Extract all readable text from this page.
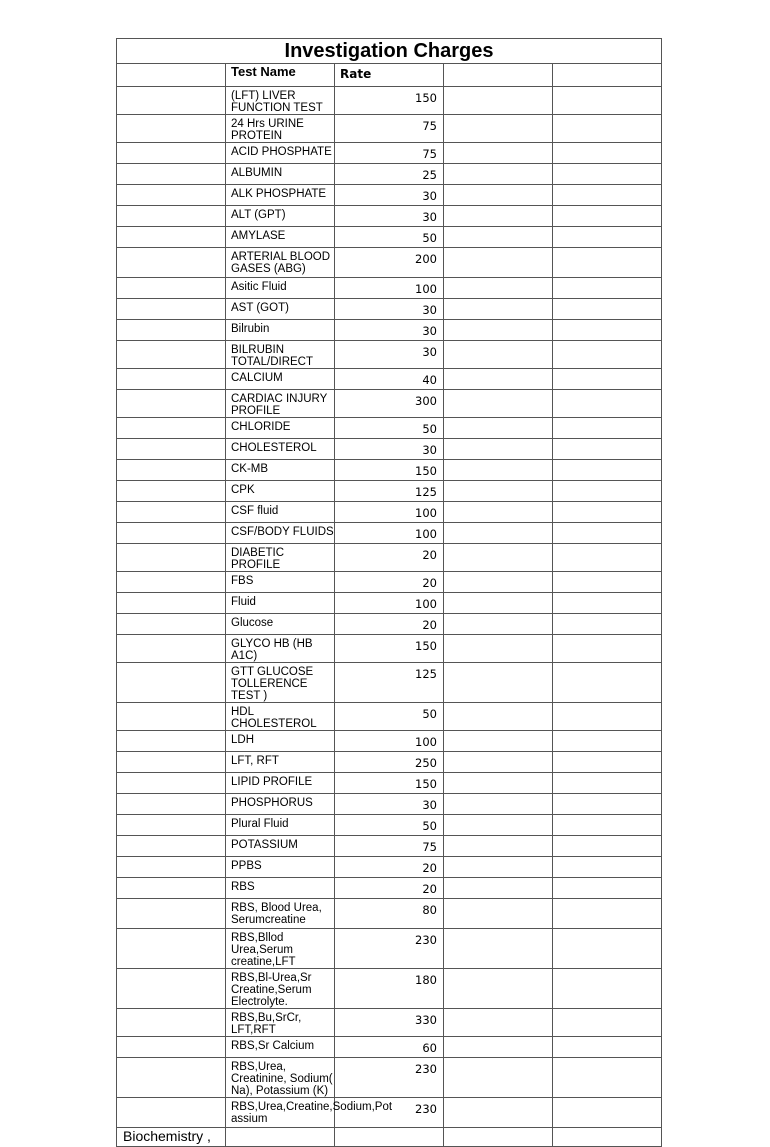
Investigation Charges				
	Test Name	Rate		
	(LFT) LIVER FUNCTION TEST	150		
	24 Hrs URINE PROTEIN	75		
	ACID PHOSPHATE	75		
	ALBUMIN	25		
	ALK PHOSPHATE	30		
	ALT (GPT)	30		
	AMYLASE	50		
	ARTERIAL BLOOD GASES (ABG)	200		
	Asitic Fluid	100		
	AST (GOT)	30		
	Bilrubin	30		
	BILRUBIN TOTAL/DIRECT	30		
	CALCIUM	40		
	CARDIAC INJURY PROFILE	300		
	CHLORIDE	50		
	CHOLESTEROL	30		
	CK-MB	150		
	CPK	125		
	CSF fluid	100		
	CSF/BODY FLUIDS	100		
	DIABETIC PROFILE	20		
	FBS	20		
	Fluid	100		
	Glucose	20		
	GLYCO HB (HB A1C)	150		
	GTT GLUCOSE TOLLERENCE TEST )	125		
	HDL CHOLESTEROL	50		
	LDH	100		
	LFT, RFT	250		
	LIPID PROFILE	150		
	PHOSPHORUS	30		
	Plural Fluid	50		
	POTASSIUM	75		
	PPBS	20		
	RBS	20		
	RBS, Blood Urea, Serumcreatine	80		
	RBS,Bllod Urea,Serum creatine,LFT	230		
	RBS,Bl-Urea,Sr Creatine,Serum Electrolyte.	180		
	RBS,Bu,SrCr, LFT,RFT	330		
	RBS,Sr Calcium	60		
	RBS,Urea, Creatinine, Sodium( Na), Potassium (K)	230		
	RBS,Urea,Creatine,Sodium,Pot assium	230		
Biochemistry ,				
